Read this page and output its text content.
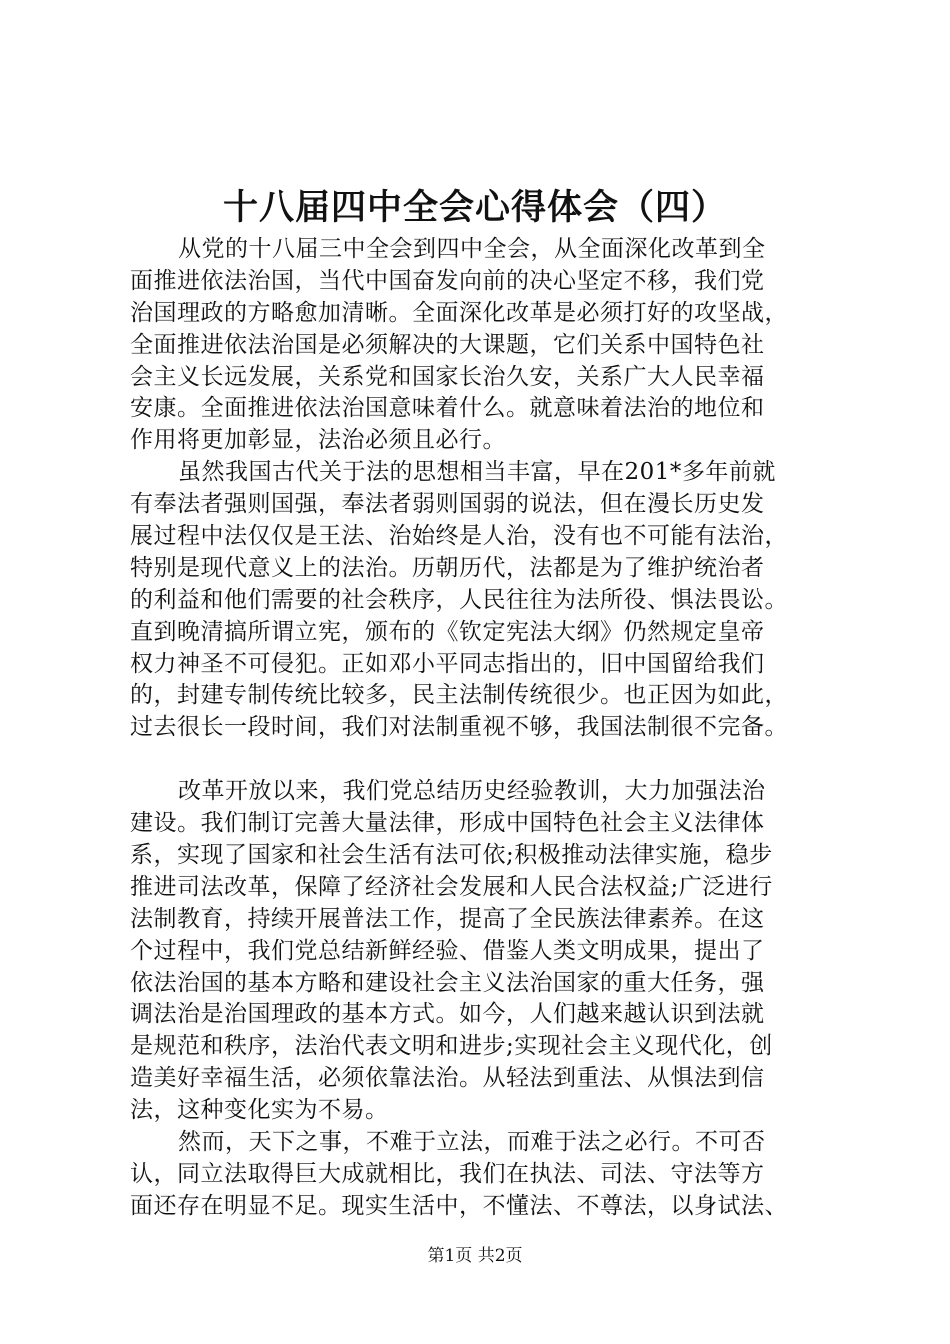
十八届四中全会心得体会（四）
从党的十八届三中全会到四中全会，从全面深化改革到全
面推进依法治国，当代中国奋发向前的决心坚定不移，我们党
治国理政的方略愈加清晰。全面深化改革是必须打好的攻坚战，
全面推进依法治国是必须解决的大课题，它们关系中国特色社
会主义长远发展，关系党和国家长治久安，关系广大人民幸福
安康。全面推进依法治国意味着什么。就意味着法治的地位和
作用将更加彰显，法治必须且必行。
虽然我国古代关于法的思想相当丰富，早在201*多年前就
有奉法者强则国强，奉法者弱则国弱的说法，但在漫长历史发
展过程中法仅仅是王法、治始终是人治，没有也不可能有法治，
特别是现代意义上的法治。历朝历代，法都是为了维护统治者
的利益和他们需要的社会秩序，人民往往为法所役、惧法畏讼。
直到晚清搞所谓立宪，颁布的《钦定宪法大纲》仍然规定皇帝
权力神圣不可侵犯。正如邓小平同志指出的，旧中国留给我们
的，封建专制传统比较多，民主法制传统很少。也正因为如此，
过去很长一段时间，我们对法制重视不够，我国法制很不完备。
改革开放以来，我们党总结历史经验教训，大力加强法治
建设。我们制订完善大量法律，形成中国特色社会主义法律体
系，实现了国家和社会生活有法可依;积极推动法律实施，稳步
推进司法改革，保障了经济社会发展和人民合法权益;广泛进行
法制教育，持续开展普法工作，提高了全民族法律素养。在这
个过程中，我们党总结新鲜经验、借鉴人类文明成果，提出了
依法治国的基本方略和建设社会主义法治国家的重大任务，强
调法治是治国理政的基本方式。如今，人们越来越认识到法就
是规范和秩序，法治代表文明和进步;实现社会主义现代化，创
造美好幸福生活，必须依靠法治。从轻法到重法、从惧法到信
法，这种变化实为不易。
然而，天下之事，不难于立法，而难于法之必行。不可否
认，同立法取得巨大成就相比，我们在执法、司法、守法等方
面还存在明显不足。现实生活中，不懂法、不尊法，以身试法、
第1页 共2页
